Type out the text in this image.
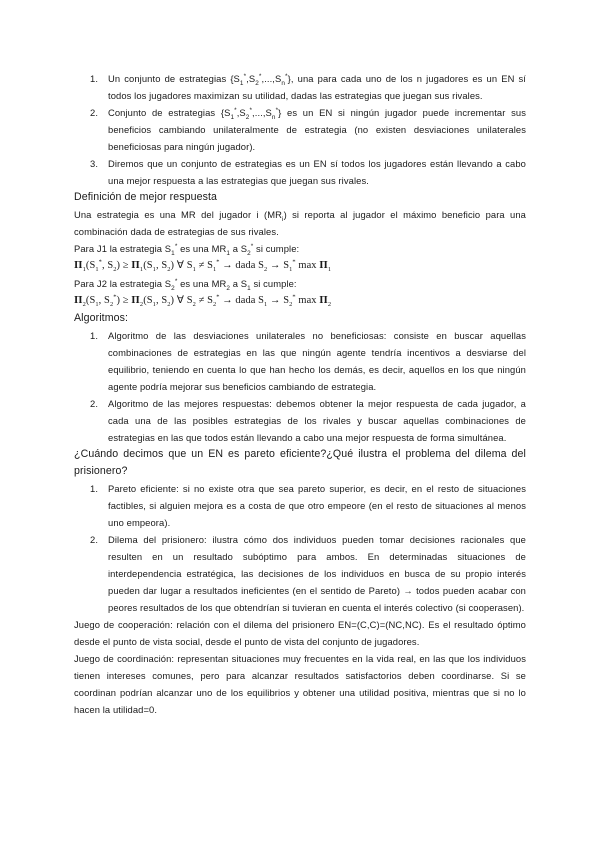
1. Un conjunto de estrategias $\{S_1^*,S_2^*,...,S_n^*\}$, una para cada uno de los n jugadores es un EN sí todos los jugadores maximizan su utilidad, dadas las estrategias que juegan sus rivales.

2. Conjunto de estrategias $\{S_1^*,S_2^*,...,S_n^*\}$ es un EN si ningún jugador puede incrementar sus beneficios cambiando unilateralmente de estrategia (no existen desviaciones unilaterales beneficiosas para ningún jugador).

3. Diremos que un conjunto de estrategias es un EN sí todos los jugadores están llevando a cabo una mejor respuesta a las estrategias que juegan sus rivales.

Definición de mejor respuesta

Una estrategia es una MR del jugador i $(MR_i)$ si reporta al jugador el máximo beneficio para una combinación dada de estrategias de sus rivales.

Para J1 la estrategia $S_1^*$ es una $MR_1$ a $S_2^*$ si cumple:

$\Pi_1(S_1^*$, $S_2) \ge \Pi_1(S_1$, $S_2$) ∀ $S_1 \ne S_1^*$ → dada $S_2 \to S_1^*$ $\max \Pi_1$

Para J2 la estrategia $S_2^*$ es una $MR_2$ a $S_1$ si cumple:

$\Pi_2(S_1$, $S_2^*) \ge \Pi_2(S_1$, $S_2$) ∀ $S_2 \ne S_2^*$ → dada $S_1 \to S_2^*$ $\max \Pi_2$

Algoritmos:

1. Algoritmo de las desviaciones unilaterales no beneficiosas: consiste en buscar aquellas combinaciones de estrategias en las que ningún agente tendría incentivos a desviarse del equilibrio, teniendo en cuenta lo que han hecho los demás, es decir, aquellos en los que ningún agente podría mejorar sus beneficios cambiando de estrategia.

2. Algoritmo de las mejores respuestas: debemos obtener la mejor respuesta de cada jugador, a cada una de las posibles estrategias de los rivales y buscar aquellas combinaciones de estrategias en las que todos están llevando a cabo una mejor respuesta de forma simultánea.

¿Cuándo decimos que un EN es pareto eficiente?¿Qué ilustra el problema del dilema del prisionero?

1. Pareto eficiente: si no existe otra que sea pareto superior, es decir, en el resto de situaciones factibles, si alguien mejora es a costa de que otro empeore (en el resto de situaciones al menos uno empeora).

2. Dilema del prisionero: ilustra cómo dos individuos pueden tomar decisiones racionales que resulten en un resultado subóptimo para ambos. En determinadas situaciones de interdependencia estratégica, las decisiones de los individuos en busca de su propio interés pueden dar lugar a resultados ineficientes (en el sentido de Pareto) → todos pueden acabar con peores resultados de los que obtendrían si tuvieran en cuenta el interés colectivo (si cooperasen).

Juego de cooperación: relación con el dilema del prisionero EN=(C,C)=(NC,NC). Es el resultado óptimo desde el punto de vista social, desde el punto de vista del conjunto de jugadores.

Juego de coordinación: representan situaciones muy frecuentes en la vida real, en las que los individuos tienen intereses comunes, pero para alcanzar resultados satisfactorios deben coordinarse. Si se coordinan podrían alcanzar uno de los equilibrios y obtener una utilidad positiva, mientras que si no lo hacen la utilidad=0.
